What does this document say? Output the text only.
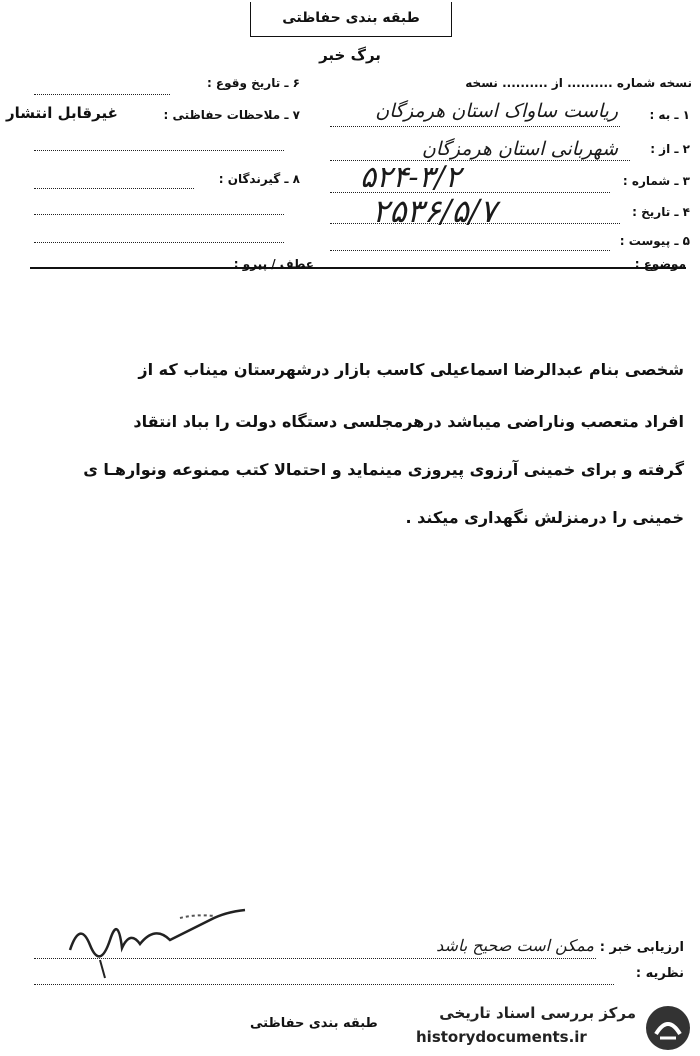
طبقه بندی حفاظتی
برگ خبر
نسخه شماره .......... از .......... نسخه
۱ ـ به :
ریاست ساواک استان هرمزگان
۲ ـ از :
شهربانی استان هرمزگان
۳ ـ شماره :
۵۲۴-۳/۲
۴ ـ تاریخ :
۲۵۳۶/۵/۷
۵ ـ پیوست :
۶ ـ تاریخ وقوع :
۷ ـ ملاحظات حفاظتی :
غیرقابل انتشار
۸ ـ گیرندگان :
موضوع :
عطف / پیرو :
شخصی بنام عبدالرضا اسماعیلی کاسب بازار درشهرستان میناب که از
افراد متعصب وناراضی میباشد درهرمجلسی دستگاه دولت را بباد انتقاد
گرفته و برای خمینی آرزوی پیروزی مینماید و احتمالا کتب ممنوعه ونوارهـا ی
خمینی را درمنزلش نگهداری میکند .
ارزیابی خبر :
ممکن است صحیح باشد
نظریه :
طبقه بندی حفاظتی
مرکز بررسی اسناد تاریخی
historydocuments.ir
